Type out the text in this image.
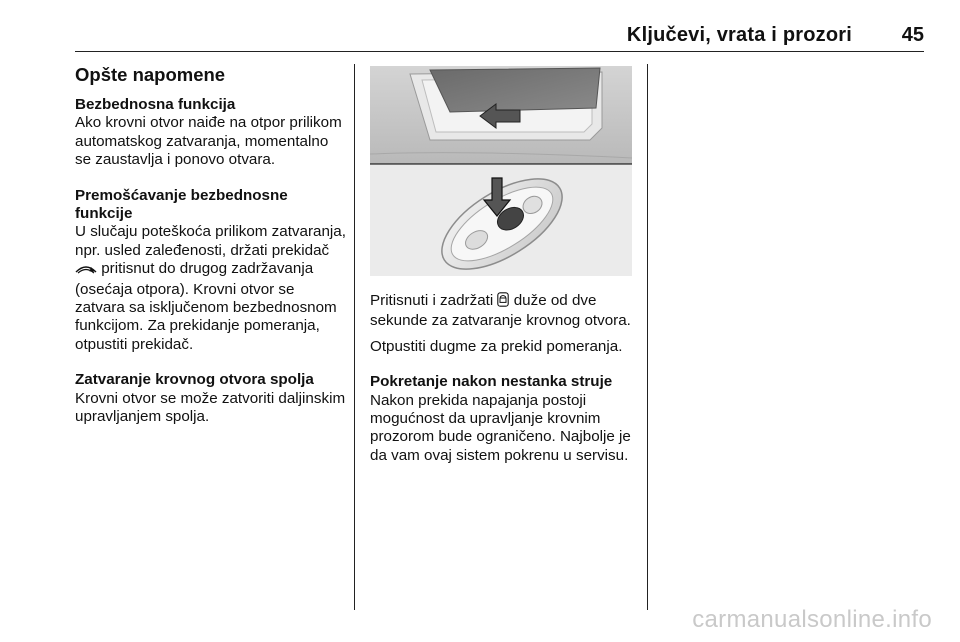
Ključevi, vrata i prozori 45
Opšte napomene
Bezbednosna funkcija

Ako krovni otvor naiđe na otpor prilikom automatskog zatvaranja, momentalno se zaustavlja i ponovo otvara.

Premošćavanje bezbednosne funkcije

U slučaju poteškoća prilikom zatvaranja, npr. usled zaleđenosti, držati prekidač  pritisnut do drugog zadržavanja (osećaja otpora). Krovni otvor se zatvara sa isključenom bezbednosnom funkcijom. Za prekidanje pomeranja, otpustiti prekidač.

Zatvaranje krovnog otvora spolja

Krovni otvor se može zatvoriti daljinskim upravljanjem spolja.

Pritisnuti i zadržati duže od dve sekunde za zatvaranje krovnog otvora.

Otpustiti dugme za prekid pomeranja.

Pokretanje nakon nestanka struje

Nakon prekida napajanja postoji mogućnost da upravljanje krovnim prozorom bude ograničeno. Najbolje je da vam ovaj sistem pokrenu u servisu.

carmanualsonline.info
